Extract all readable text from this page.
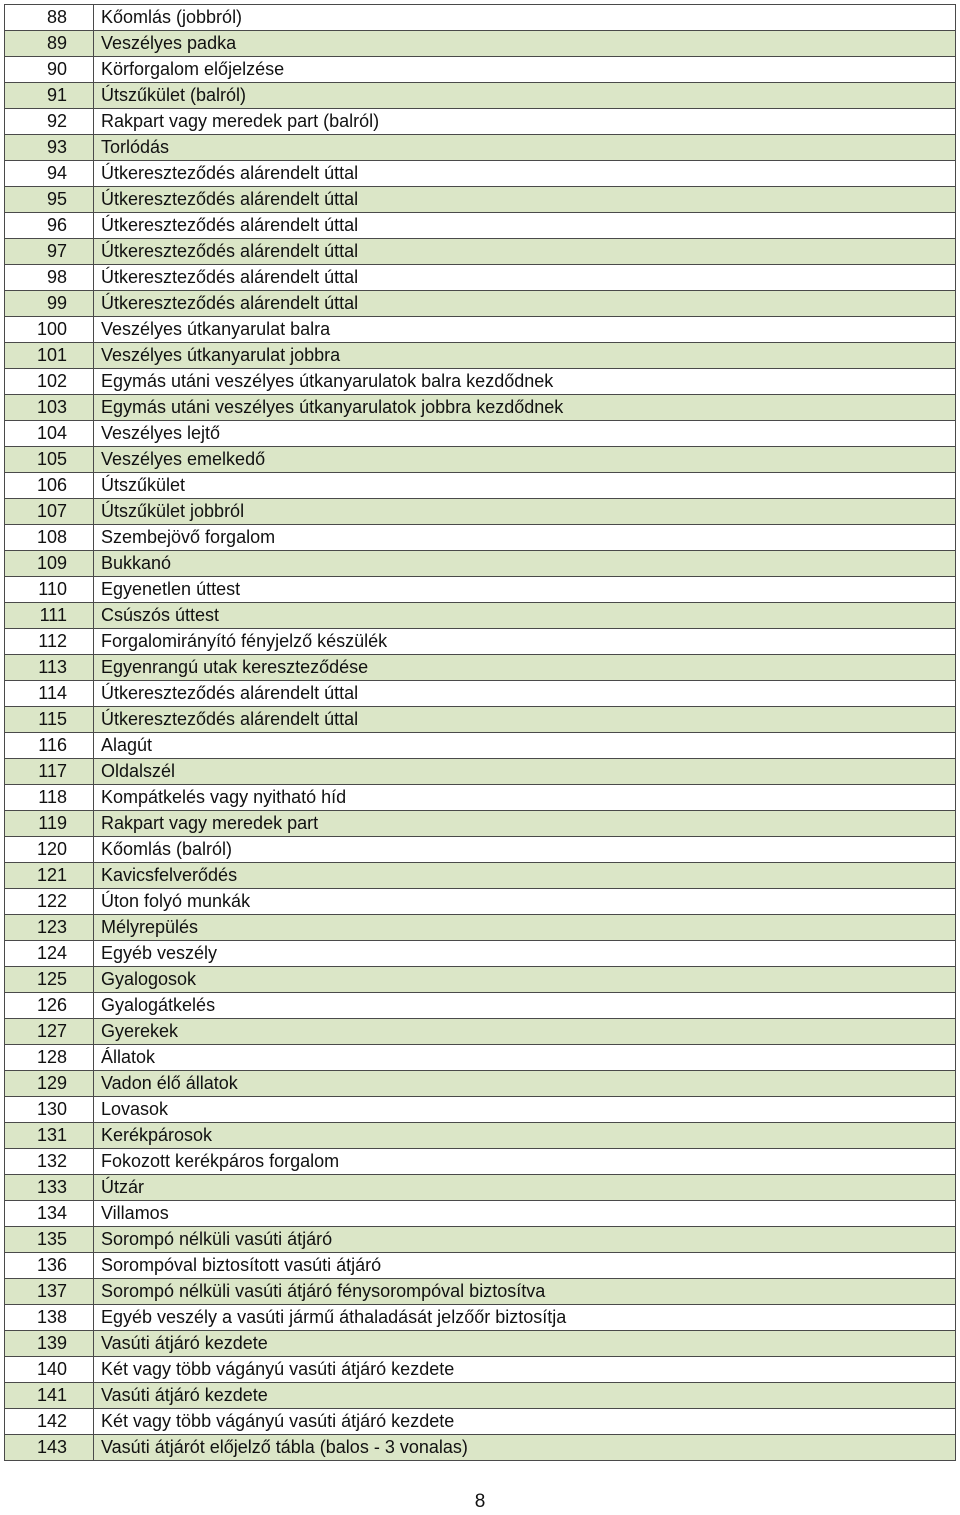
88	Kőomlás (jobbról)
89	Veszélyes padka
90	Körforgalom előjelzése
91	Útszűkület (balról)
92	Rakpart vagy meredek part (balról)
93	Torlódás
94	Útkereszteződés alárendelt úttal
95	Útkereszteződés alárendelt úttal
96	Útkereszteződés alárendelt úttal
97	Útkereszteződés alárendelt úttal
98	Útkereszteződés alárendelt úttal
99	Útkereszteződés alárendelt úttal
100	Veszélyes útkanyarulat balra
101	Veszélyes útkanyarulat jobbra
102	Egymás utáni veszélyes útkanyarulatok balra kezdődnek
103	Egymás utáni veszélyes útkanyarulatok jobbra kezdődnek
104	Veszélyes lejtő
105	Veszélyes emelkedő
106	Útszűkület
107	Útszűkület jobbról
108	Szembejövő forgalom
109	Bukkanó
110	Egyenetlen úttest
111	Csúszós úttest
112	Forgalomirányító fényjelző készülék
113	Egyenrangú utak kereszteződése
114	Útkereszteződés alárendelt úttal
115	Útkereszteződés alárendelt úttal
116	Alagút
117	Oldalszél
118	Kompátkelés vagy nyitható híd
119	Rakpart vagy meredek part
120	Kőomlás (balról)
121	Kavicsfelverődés
122	Úton folyó munkák
123	Mélyrepülés
124	Egyéb veszély
125	Gyalogosok
126	Gyalogátkelés
127	Gyerekek
128	Állatok
129	Vadon élő állatok
130	Lovasok
131	Kerékpárosok
132	Fokozott kerékpáros forgalom
133	Útzár
134	Villamos
135	Sorompó nélküli vasúti átjáró
136	Sorompóval biztosított vasúti átjáró
137	Sorompó nélküli vasúti átjáró fénysorompóval biztosítva
138	Egyéb veszély a vasúti jármű áthaladását jelzőőr biztosítja
139	Vasúti átjáró kezdete
140	Két vagy több vágányú vasúti átjáró kezdete
141	Vasúti átjáró kezdete
142	Két vagy több vágányú vasúti átjáró kezdete
143	Vasúti átjárót előjelző tábla (balos - 3 vonalas)
8
